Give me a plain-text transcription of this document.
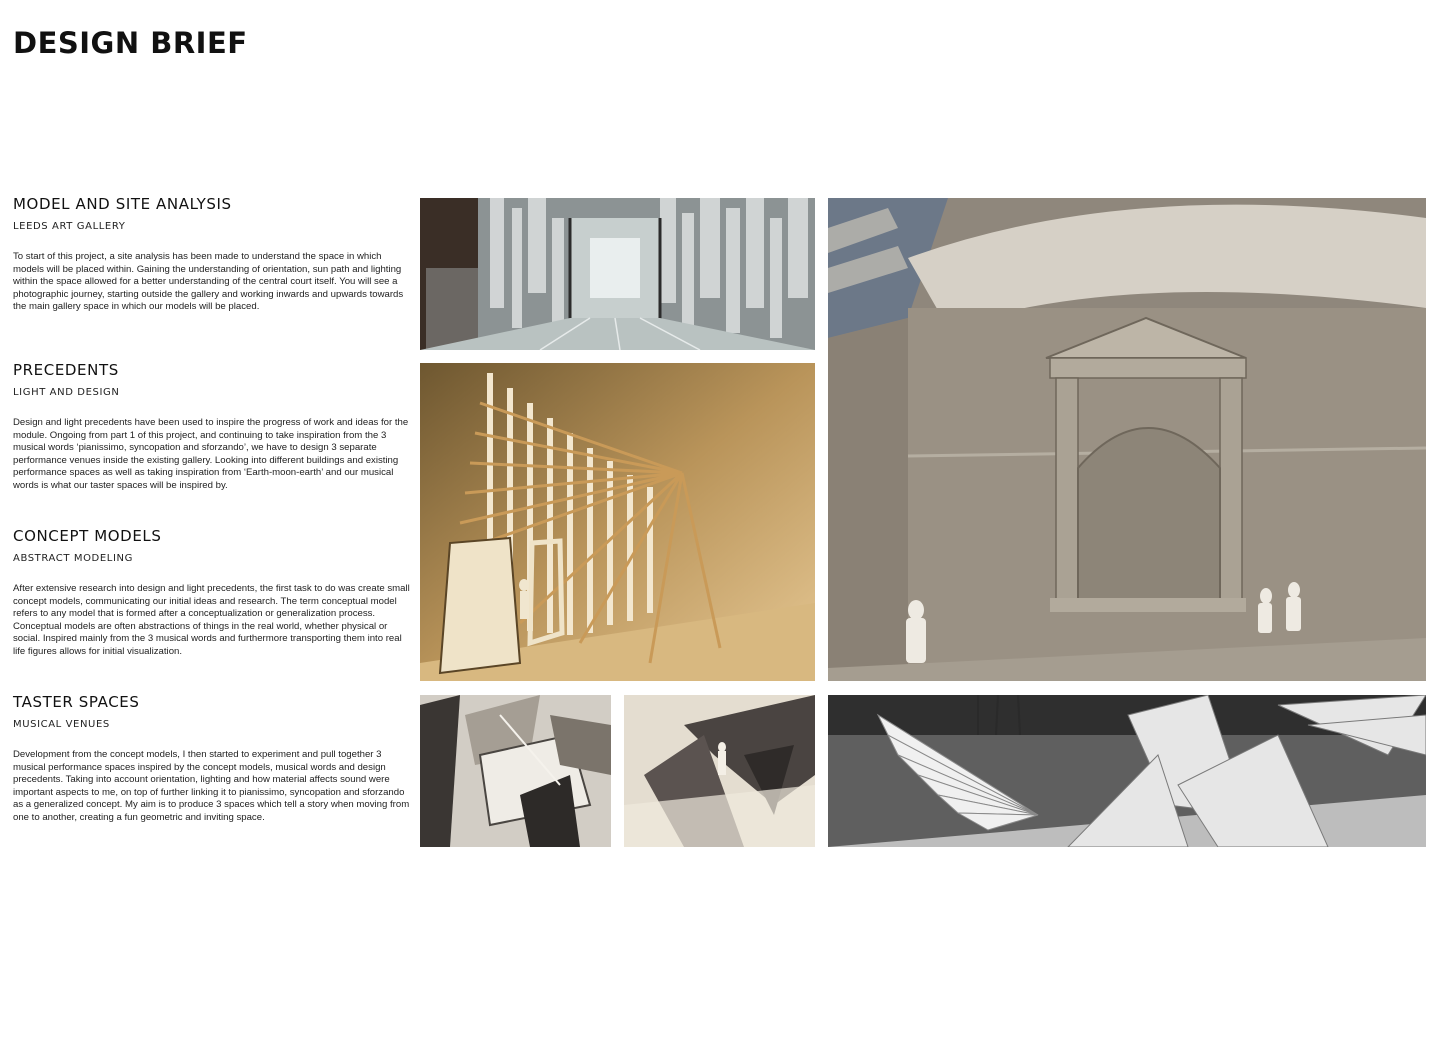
DESIGN BRIEF
MODEL AND SITE ANALYSIS
LEEDS ART GALLERY

To start of this project, a site analysis has been made to understand the space in which models will be placed within. Gaining the understanding of orientation, sun path and lighting within the space allowed for a better understanding of the central court itself. You will see a photographic journey, starting outside the gallery and working inwards and upwards towards the main gallery space in which our models will be placed.

PRECEDENTS
LIGHT AND DESIGN

Design and light precedents have been used to inspire the progress of work and ideas for the module. Ongoing from part 1 of this project, and continuing to take inspiration from the 3 musical words ‘pianissimo, syncopation and sforzando’, we have to design 3 separate performance venues inside the existing gallery. Looking into different buildings and existing performance spaces as well as taking inspiration from ‘Earth-moon-earth’ and our musical words is what our taster spaces will be inspired by.

CONCEPT MODELS
ABSTRACT MODELING

After extensive research into design and light precedents, the first task to do was create small concept models, communicating our initial ideas and research. The term conceptual model refers to any model that is formed after a conceptualization or generalization process. Conceptual models are often abstractions of things in the real world, whether physical or social. Inspired mainly from the 3 musical words and furthermore transporting them into real life figures allows for initial visualization.

TASTER SPACES
MUSICAL VENUES

Development from the concept models, I then started to experiment and pull together 3 musical performance spaces inspired by the concept models, musical words and design precedents. Taking into account orientation, lighting and how material affects sound were important aspects to me, on top of further linking it to pianissimo, syncopation and sforzando as a generalized concept. My aim is to produce 3 spaces which tell a story when moving from one to another, creating a fun geometric and inviting space.
